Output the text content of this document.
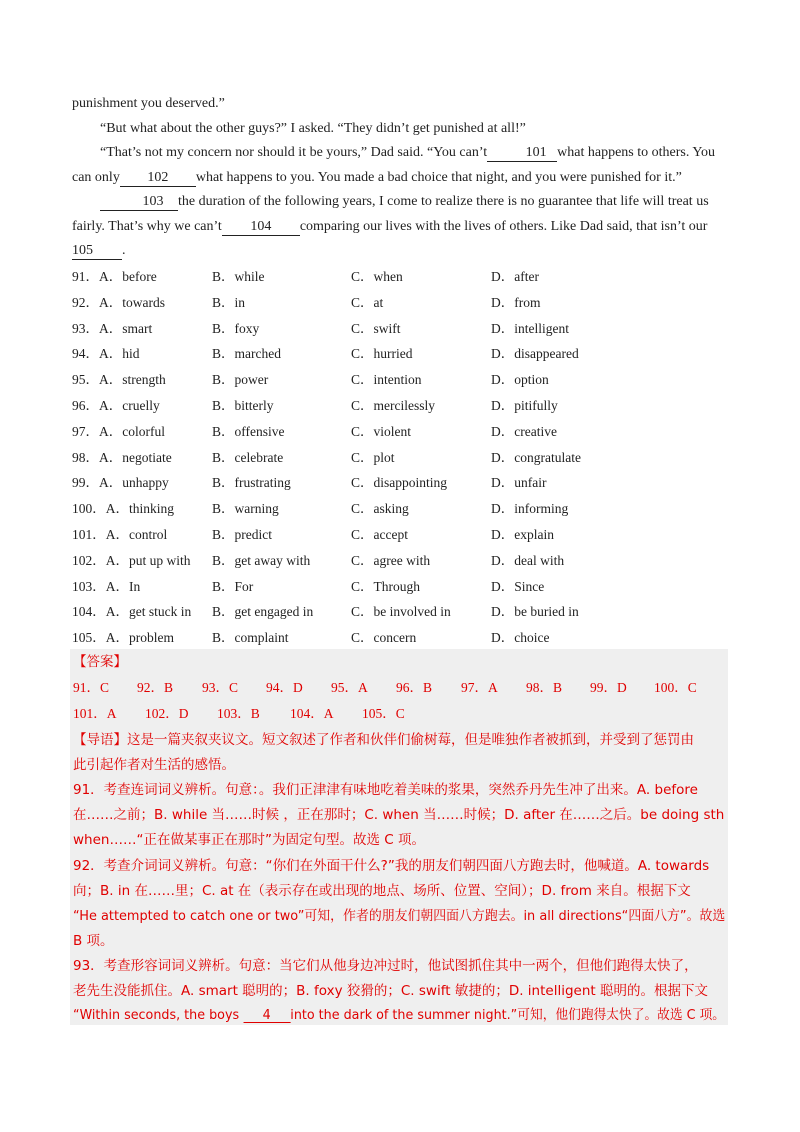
punishment you deserved.”

“But what about the other guys?” I asked. “They didn’t get punished at all!”

“That’s not my concern nor should it be yours,” Dad said. “You can’t	101 what happens to others. You

can only 102 what happens to you. You made a bad choice that night, and you were punished for it.”

103 the duration of the following years, I come to realize there is no guarantee that life will treat us

fairly. That’s why we can’t 104 comparing our lives with the lives of others. Like Dad said, that isn’t our

105 .

91．A．before	B．while	C．when	D．after
92．A．towards	B．in	C．at	D．from
93．A．smart	B．foxy	C．swift	D．intelligent
94．A．hid	B．marched	C．hurried	D．disappeared
95．A．strength	B．power	C．intention	D．option
96．A．cruelly	B．bitterly	C．mercilessly	D．pitifully
97．A．colorful	B．offensive	C．violent	D．creative
98．A．negotiate	B．celebrate	C．plot	D．congratulate
99．A．unhappy	B．frustrating	C．disappointing	D．unfair
100．A．thinking	B．warning	C．asking	D．informing
101．A．control	B．predict	C．accept	D．explain
102．A．put up with B．get away with	C．agree with	D．deal with
103．A．In	B．For	C．Through	D．Since
104．A．get stuck in B．get engaged in	C．be involved in	D．be buried in
105．A．problem	B．complaint	C．concern	D．choice
【答案】
91．C 92．B 93．C 94．D 95．A 96．B 97．A 98．B 99．D 100．C
101．A 102．D 103．B 104．A 105．C
【导语】这是一篇夹叙夹议文。短文叙述了作者和伙伴们偷树莓，但是唯独作者被抓到，并受到了惩罚由
此引起作者对生活的感悟。
91．考查连词词义辨析。句意：。我们正津津有味地吃着美味的浆果，突然乔丹先生冲了出来。A. before
在……之前；B. while 当……时候 ，正在那时；C. when 当……时候；D. after 在……之后。be doing sth
when……“正在做某事正在那时”为固定句型。故选 C 项。
92．考查介词词义辨析。句意：“你们在外面干什么?”我的朋友们朝四面八方跑去时，他喊道。A. towards
向；B. in 在……里；C. at 在（表示存在或出现的地点、场所、位置、空间）；D. from 来自。根据下文
“He attempted to catch one or two”可知，作者的朋友们朝四面八方跑去。in all directions“四面八方”。故选
B 项。
93．考查形容词词义辨析。句意：当它们从他身边冲过时，他试图抓住其中一两个，但他们跑得太快了，
老先生没能抓住。A. smart 聪明的；B. foxy 狡猾的；C. swift 敏捷的；D. intelligent 聪明的。根据下文
“Within seconds, the boys 4 into the dark of the summer night.”可知，他们跑得太快了。故选 C 项。
